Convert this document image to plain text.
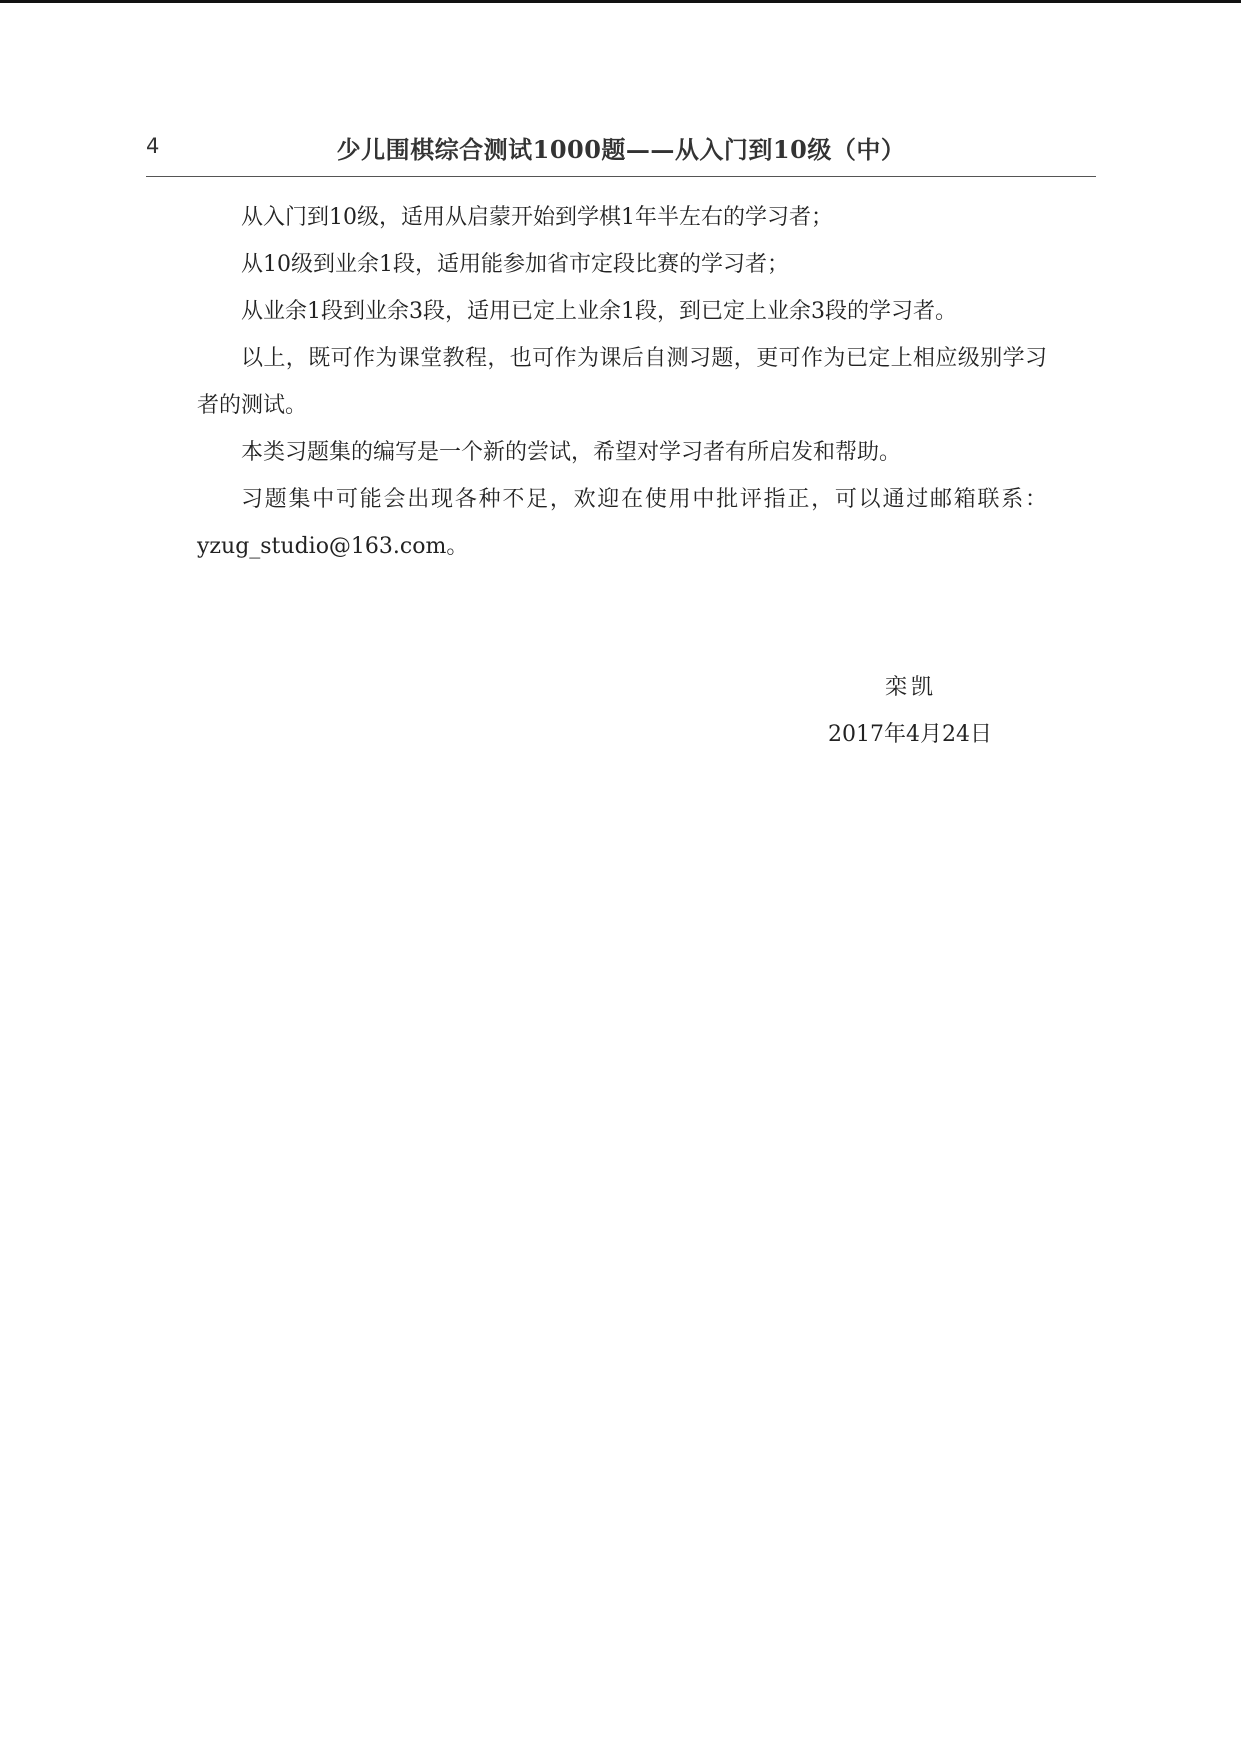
4	少儿围棋综合测试1000题——从入门到10级（中）

从入门到10级，适用从启蒙开始到学棋1年半左右的学习者；

从10级到业余1段，适用能参加省市定段比赛的学习者；

从业余1段到业余3段，适用已定上业余1段，到已定上业余3段的学习者。

以上，既可作为课堂教程，也可作为课后自测习题，更可作为已定上相应级别学习者的测试。

本类习题集的编写是一个新的尝试，希望对学习者有所启发和帮助。

习题集中可能会出现各种不足，欢迎在使用中批评指正，可以通过邮箱联系：yzug_studio@163.com。

栾凯
2017年4月24日
